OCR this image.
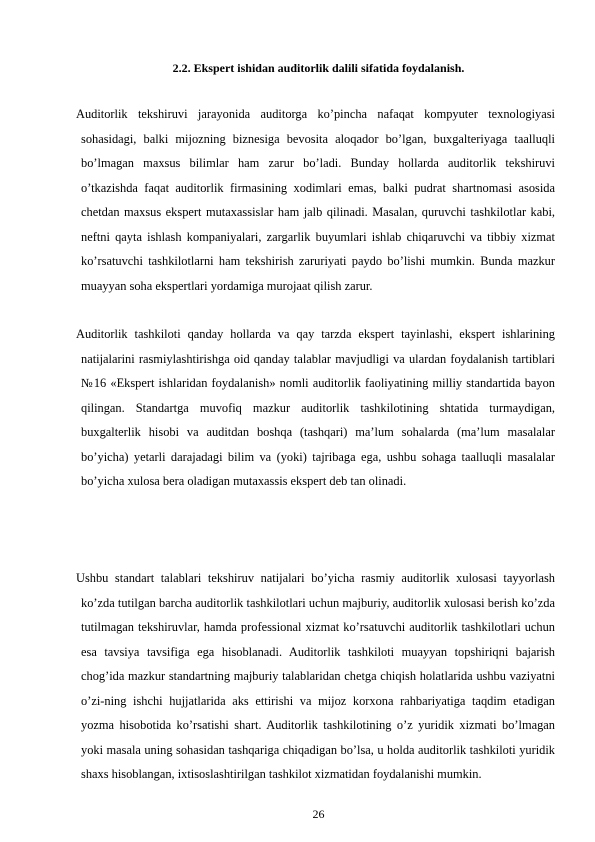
2.2. Ekspert ishidan auditorlik dalili sifatida foydalanish.

Auditorlik tekshiruvi jarayonida auditorga ko’pincha nafaqat kompyuter texnologiyasi sohasidagi, balki mijozning biznesiga bevosita aloqador bo’lgan, buxgalteriyaga taalluqli bo’lmagan maxsus bilimlar ham zarur bo’ladi. Bunday hollarda auditorlik tekshiruvi o’tkazishda faqat auditorlik firmasining xodimlari emas, balki pudrat shartnomasi asosida chetdan maxsus ekspert mutaxassislar ham jalb qilinadi. Masalan, quruvchi tashkilotlar kabi, neftni qayta ishlash kompaniyalari, zargarlik buyumlari ishlab chiqaruvchi va tibbiy xizmat ko’rsatuvchi tashkilotlarni ham tekshirish zaruriyati paydo bo’lishi mumkin. Bunda mazkur muayyan soha ekspertlari yordamiga murojaat qilish zarur.

Auditorlik tashkiloti qanday hollarda va qay tarzda ekspert tayinlashi, ekspert ishlarining natijalarini rasmiylashtirishga oid qanday talablar mavjudligi va ulardan foydalanish tartiblari №16 «Ekspert ishlaridan foydalanish» nomli auditorlik faoliyatining milliy standartida bayon qilingan. Standartga muvofiq mazkur auditorlik tashkilotining shtatida turmaydigan, buxgalterlik hisobi va auditdan boshqa (tashqari) ma’lum sohalarda (ma’lum masalalar bo’yicha) yetarli darajadagi bilim va (yoki) tajribaga ega, ushbu sohaga taalluqli masalalar bo’yicha xulosa bera oladigan mutaxassis ekspert deb tan olinadi.

Ushbu standart talablari tekshiruv natijalari bo’yicha rasmiy auditorlik xulosasi tayyorlash ko’zda tutilgan barcha auditorlik tashkilotlari uchun majburiy, auditorlik xulosasi berish ko’zda tutilmagan tekshiruvlar, hamda professional xizmat ko’rsatuvchi auditorlik tashkilotlari uchun esa tavsiya tavsifiga ega hisoblanadi. Auditorlik tashkiloti muayyan topshiriqni bajarish chog’ida mazkur standartning majburiy talablaridan chetga chiqish holatlarida ushbu vaziyatni o’zi-ning ishchi hujjatlarida aks ettirishi va mijoz korxona rahbariyatiga taqdim etadigan yozma hisobotida ko’rsatishi shart. Auditorlik tashkilotining o’z yuridik xizmati bo’lmagan yoki masala uning sohasidan tashqariga chiqadigan bo’lsa, u holda auditorlik tashkiloti yuridik shaxs hisoblangan, ixtisoslashtirilgan tashkilot xizmatidan foydalanishi mumkin.

26
